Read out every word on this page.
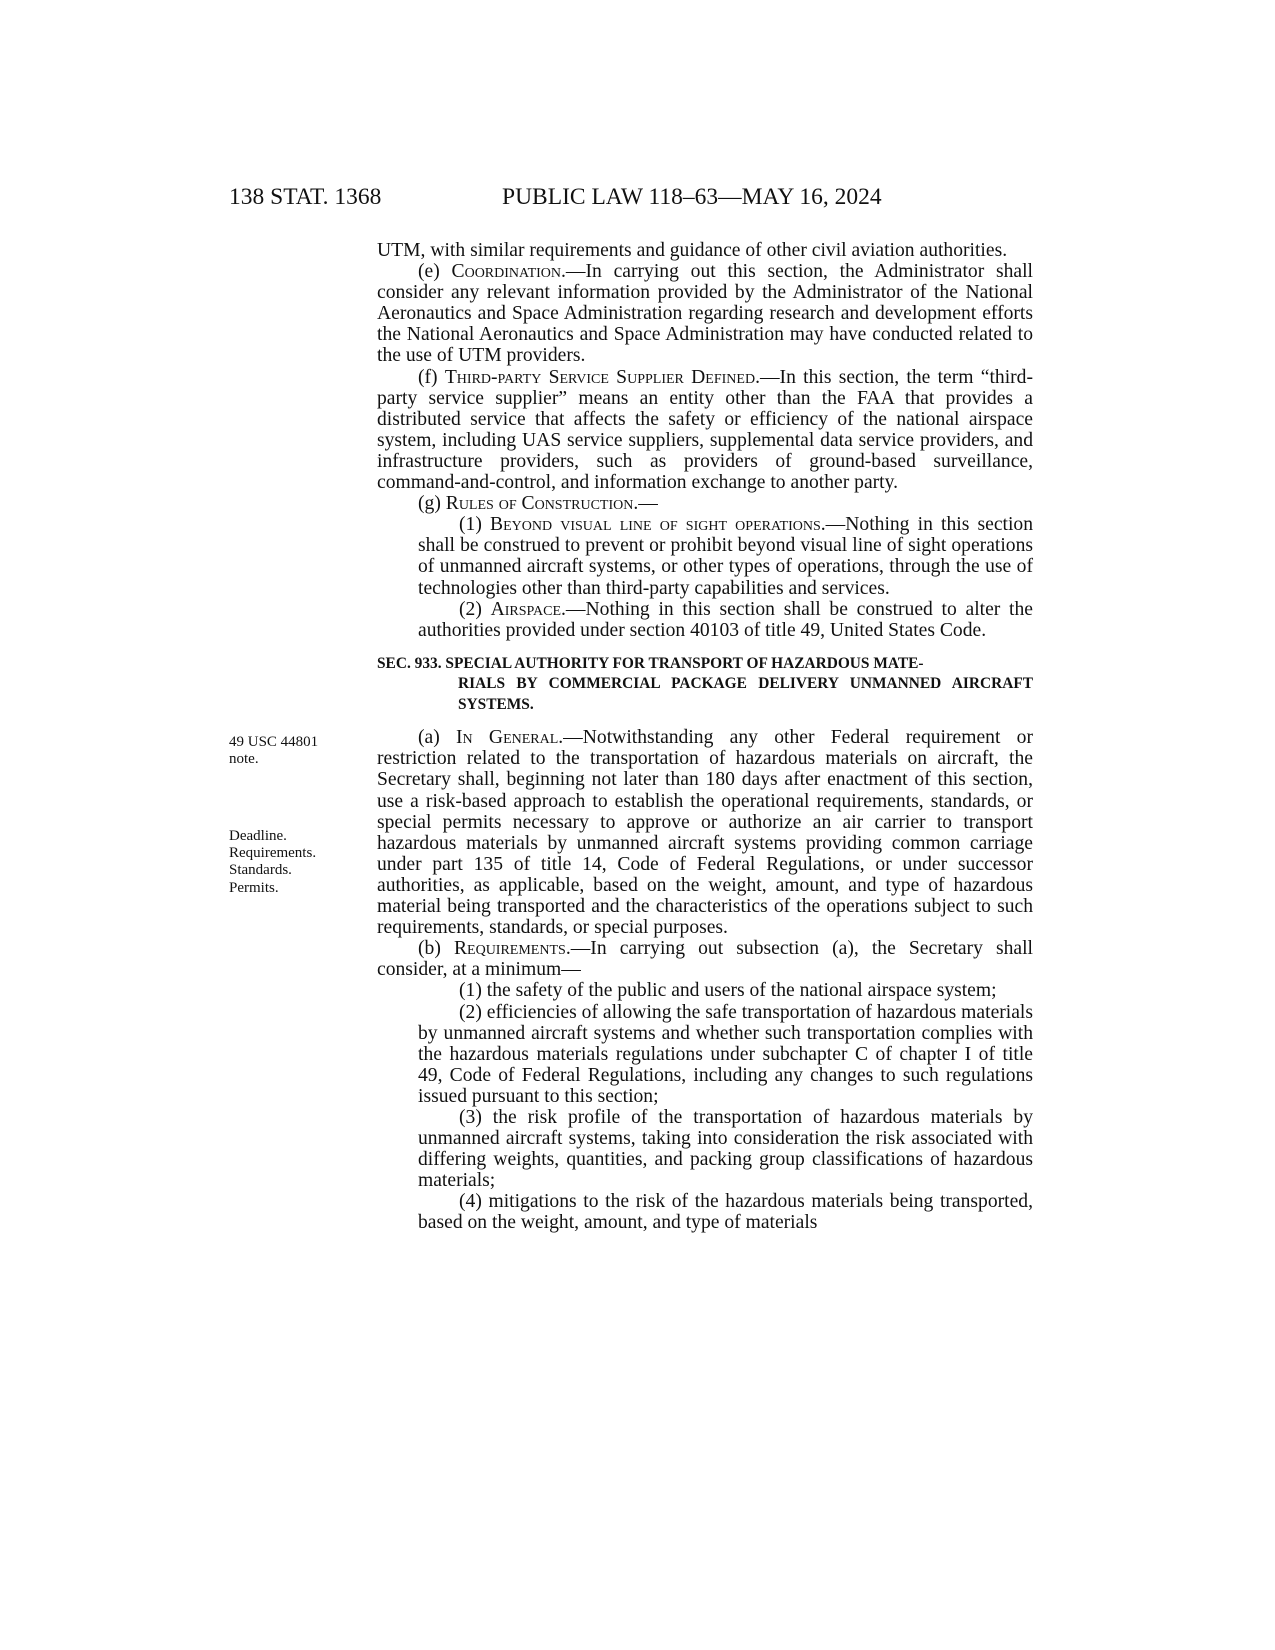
138 STAT. 1368	PUBLIC LAW 118–63—MAY 16, 2024
49 USC 44801
note.
Deadline.
Requirements.
Standards.
Permits.

UTM, with similar requirements and guidance of other civil aviation authorities.

(e) Coordination.—In carrying out this section, the Administrator shall consider any relevant information provided by the Administrator of the National Aeronautics and Space Administration regarding research and development efforts the National Aeronautics and Space Administration may have conducted related to the use of UTM providers.

(f) Third-party Service Supplier Defined.—In this section, the term “third-party service supplier” means an entity other than the FAA that provides a distributed service that affects the safety or efficiency of the national airspace system, including UAS service suppliers, supplemental data service providers, and infrastructure providers, such as providers of ground-based surveillance, command-and-control, and information exchange to another party.

(g) Rules of Construction.—

(1) Beyond visual line of sight operations.—Nothing in this section shall be construed to prevent or prohibit beyond visual line of sight operations of unmanned aircraft systems, or other types of operations, through the use of technologies other than third-party capabilities and services.

(2) Airspace.—Nothing in this section shall be construed to alter the authorities provided under section 40103 of title 49, United States Code.

SEC. 933. SPECIAL AUTHORITY FOR TRANSPORT OF HAZARDOUS MATE-
RIALS BY COMMERCIAL PACKAGE DELIVERY UNMANNED AIRCRAFT SYSTEMS.

(a) In General.—Notwithstanding any other Federal requirement or restriction related to the transportation of hazardous materials on aircraft, the Secretary shall, beginning not later than 180 days after enactment of this section, use a risk-based approach to establish the operational requirements, standards, or special permits necessary to approve or authorize an air carrier to transport hazardous materials by unmanned aircraft systems providing common carriage under part 135 of title 14, Code of Federal Regulations, or under successor authorities, as applicable, based on the weight, amount, and type of hazardous material being transported and the characteristics of the operations subject to such requirements, standards, or special purposes.

(b) Requirements.—In carrying out subsection (a), the Secretary shall consider, at a minimum—

(1) the safety of the public and users of the national airspace system;

(2) efficiencies of allowing the safe transportation of hazardous materials by unmanned aircraft systems and whether such transportation complies with the hazardous materials regulations under subchapter C of chapter I of title 49, Code of Federal Regulations, including any changes to such regulations issued pursuant to this section;

(3) the risk profile of the transportation of hazardous materials by unmanned aircraft systems, taking into consideration the risk associated with differing weights, quantities, and packing group classifications of hazardous materials;

(4) mitigations to the risk of the hazardous materials being transported, based on the weight, amount, and type of materials
